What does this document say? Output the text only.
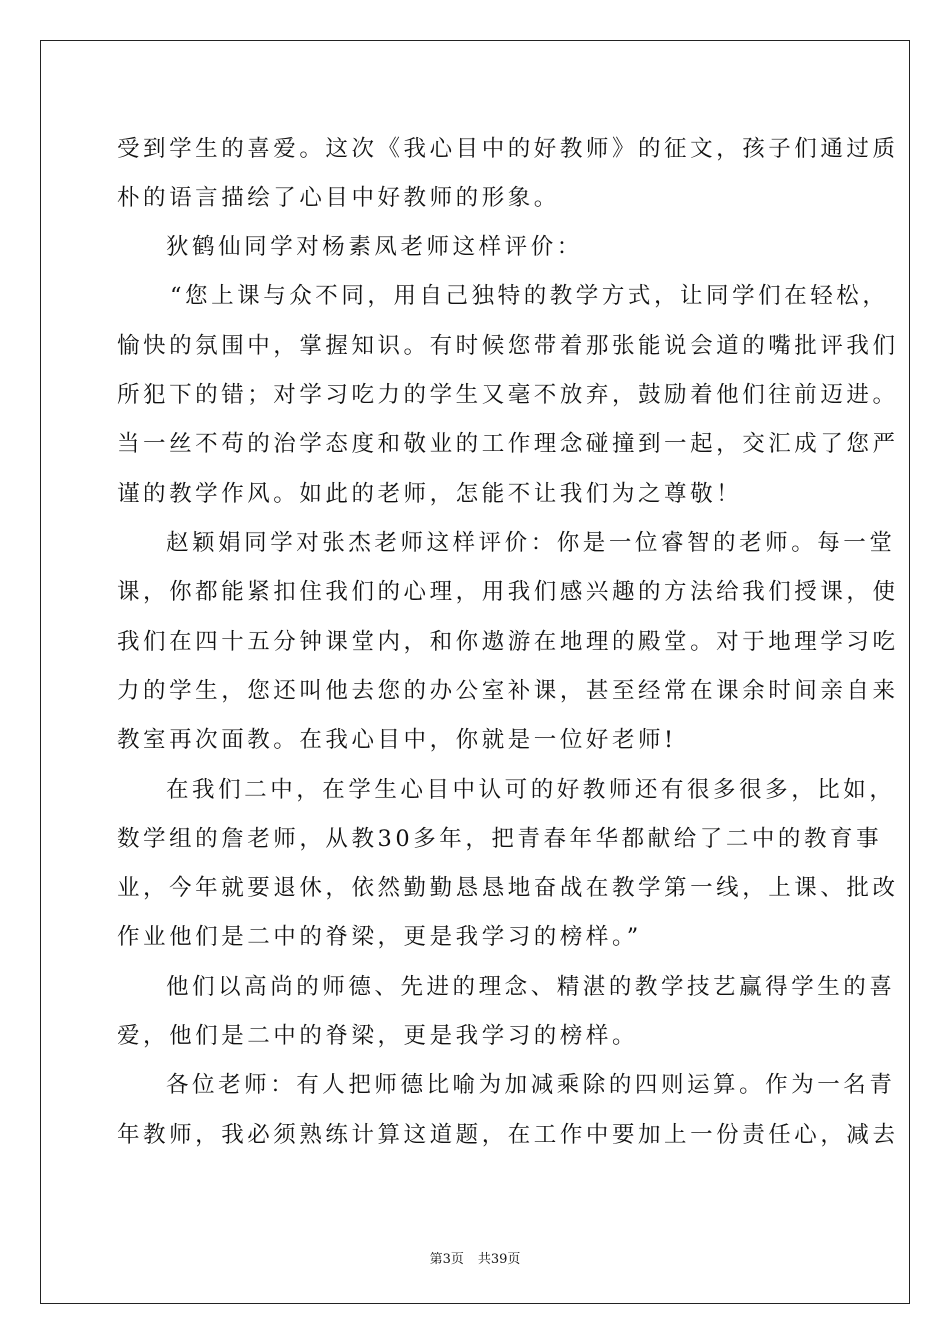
受到学生的喜爱。这次《我心目中的好教师》的征文，孩子们通过质
朴的语言描绘了心目中好教师的形象。
狄鹤仙同学对杨素凤老师这样评价：
“您上课与众不同，用自己独特的教学方式，让同学们在轻松，
愉快的氛围中，掌握知识。有时候您带着那张能说会道的嘴批评我们
所犯下的错；对学习吃力的学生又毫不放弃，鼓励着他们往前迈进。
当一丝不苟的治学态度和敬业的工作理念碰撞到一起，交汇成了您严
谨的教学作风。如此的老师，怎能不让我们为之尊敬！
赵颖娟同学对张杰老师这样评价：你是一位睿智的老师。每一堂
课，你都能紧扣住我们的心理，用我们感兴趣的方法给我们授课，使
我们在四十五分钟课堂内，和你遨游在地理的殿堂。对于地理学习吃
力的学生，您还叫他去您的办公室补课，甚至经常在课余时间亲自来
教室再次面教。在我心目中，你就是一位好老师!
在我们二中，在学生心目中认可的好教师还有很多很多，比如，
数学组的詹老师，从教30多年，把青春年华都献给了二中的教育事
业，今年就要退休，依然勤勤恳恳地奋战在教学第一线，上课、批改
作业他们是二中的脊梁，更是我学习的榜样。”
他们以高尚的师德、先进的理念、精湛的教学技艺赢得学生的喜
爱，他们是二中的脊梁，更是我学习的榜样。
各位老师：有人把师德比喻为加减乘除的四则运算。作为一名青
年教师，我必须熟练计算这道题，在工作中要加上一份责任心，减去
第3页 共39页
